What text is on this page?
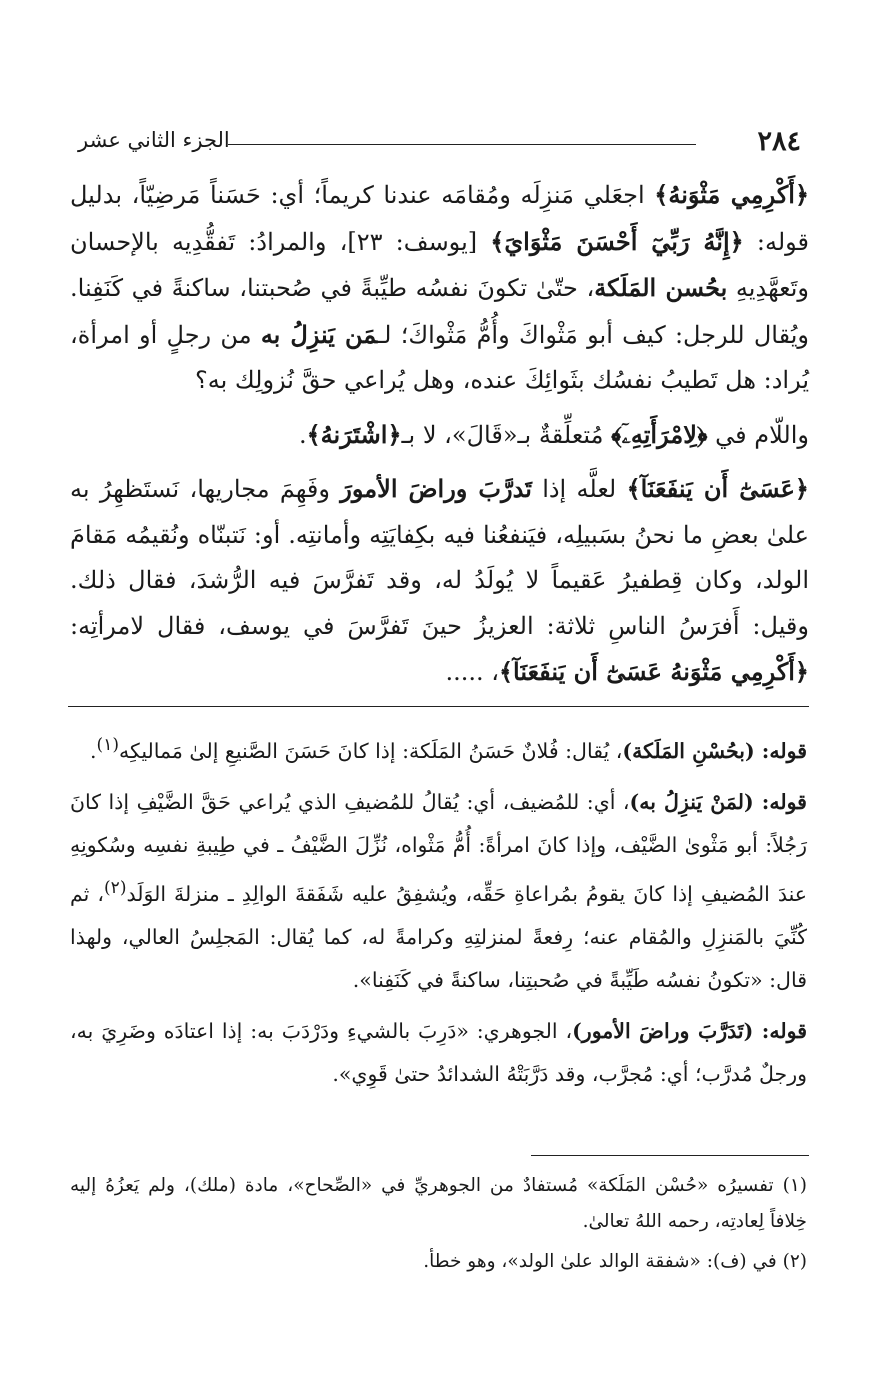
٢٨٤
الجزء الثاني عشر

﴿أَكْرِمِي مَثْوَنهُ﴾ اجعَلي مَنزِلَه ومُقامَه عندنا كريماً؛ أي: حَسَناً مَرضِيّاً، بدليل قوله: ﴿إِنَّهُ رَبِّيٓ أَحْسَنَ مَثْوَايَ﴾ [يوسف: ٢٣]، والمرادُ: تَفقُّدِيه بالإحسان وتَعهَّدِيهِ بحُسن المَلَكة، حتّىٰ تكونَ نفسُه طيِّبةً في صُحبتنا، ساكنةً في كَنَفِنا. ويُقال للرجل: كيف أبو مَثْواكَ وأُمُّ مَثْواكَ؛ لـمَن يَنزِلُ به من رجلٍ أو امرأة، يُراد: هل تَطيبُ نفسُك بثَوائِكَ عنده، وهل يُراعي حقَّ نُزولِك به؟

واللّام في ﴿لِامْرَأَتِهِۦٓ﴾ مُتعلِّقةٌ بـ«قَالَ»، لا بـ﴿اشْتَرَنهُ﴾.

﴿عَسَىٰٓ أَن يَنفَعَنَآ﴾ لعلَّه إذا تَدرَّبَ وراضَ الأمورَ وفَهِمَ مجاريها، نَستَظهِرُ به علىٰ بعضِ ما نحنُ بسَبيلِه، فيَنفعُنا فيه بكِفايَتِه وأمانتِه. أو: نَتبنّاه ونُقيمُه مَقامَ الولد، وكان قِطفيرُ عَقيماً لا يُولَدُ له، وقد تَفرَّسَ فيه الرُّشدَ، فقال ذلك. وقيل: أَفرَسُ الناسِ ثلاثة: العزيزُ حينَ تَفرَّسَ في يوسف، فقال لامرأتِه: ﴿أَكْرِمِي مَثْوَنهُ عَسَىٰٓ أَن يَنفَعَنَآ﴾، .....

قوله: (بحُسْنِ المَلَكة)، يُقال: فُلانٌ حَسَنُ المَلَكة: إذا كانَ حَسَنَ الصَّنيعِ إلىٰ مَماليكِه$^{(١)}$.

قوله: (لمَنْ يَنزِلُ به)، أي: للمُضيف، أي: يُقالُ للمُضيفِ الذي يُراعي حَقَّ الضَّيْفِ إذا كانَ رَجُلاً: أبو مَثْوىٰ الضَّيْف، وإذا كانَ امرأةً: أُمُّ مَثْواه، نُزِّلَ الضَّيْفُ ـ في طِيبةِ نفسِه وسُكونِهِ عندَ المُضيفِ إذا كانَ يقومُ بمُراعاةِ حَقِّه، ويُشفِقُ عليه شَفَقةَ الوالِدِ ـ منزلةَ الوَلَد$^{(٢)}$، ثم كُنِّيَ بالمَنزِلِ والمُقام عنه؛ رِفعةً لمنزلتِهِ وكرامةً له، كما يُقال: المَجلِسُ العالي، ولهذا قال: «تكونُ نفسُه طَيِّبةً في صُحبتِنا، ساكنةً في كَنَفِنا».

قوله: (تَدَرَّبَ وراضَ الأمور)، الجوهري: «دَرِبَ بالشيءِ ودَرْدَبَ به: إذا اعتادَه وضَرِيَ به، ورجلٌ مُدرَّب؛ أي: مُجرَّب، وقد دَرَّبَتْهُ الشدائدُ حتىٰ قَوِي».

(١) تفسيرُه «حُسْن المَلَكة» مُستفادٌ من الجوهريِّ في «الصِّحاح»، مادة (ملك)، ولم يَعزُهُ إليه خِلافاً لِعادتِه، رحمه اللهُ تعالىٰ.

(٢) في (ف): «شفقة الوالد علىٰ الولد»، وهو خطأ.
